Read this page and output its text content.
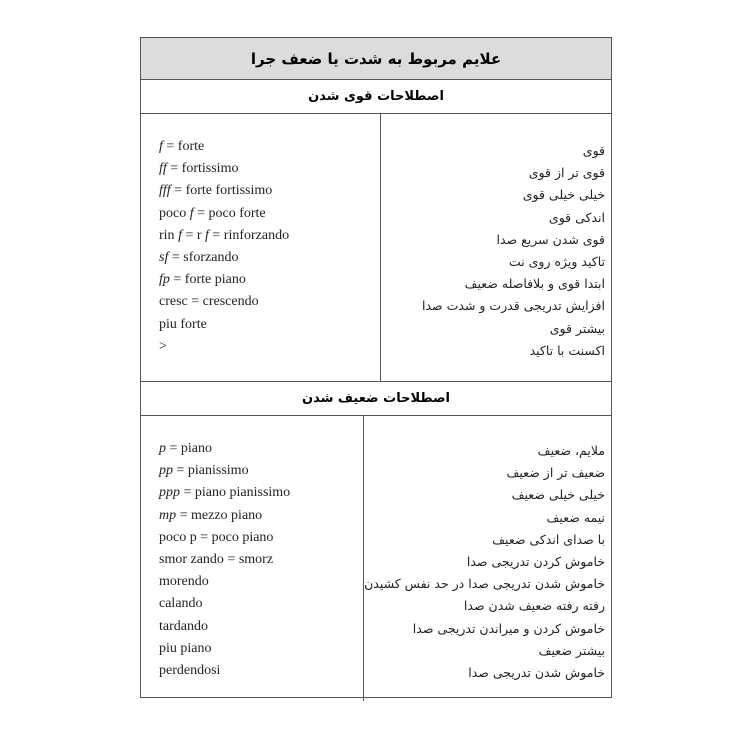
علایم مربوط به شدت یا ضعف جرا
اصطلاحات قوی شدن
f = forte
ff = fortissimo
fff = forte fortissimo
poco f = poco forte
rin f = r f = rinforzando
sf = sforzando
fp = forte piano
cresc = crescendo
piu forte
>
قوی
قوی تر از قوی
خیلی خیلی قوی
اندکی قوی
قوی شدن سریع صدا
تاکید ویژه روی نت
ابتدا قوی و بلافاصله ضعیف
افزایش تدریجی قدرت و شدت صدا
بیشتر قوی
اکسنت با تاکید
اصطلاحات ضعیف شدن
p = piano
pp = pianissimo
ppp = piano pianissimo
mp = mezzo piano
poco p = poco piano
smor zando = smorz
morendo
calando
tardando
piu piano
perdendosi
ملایم، ضعیف
ضعیف تر از ضعیف
خیلی خیلی ضعیف
نیمه ضعیف
با صدای اندکی ضعیف
خاموش کردن تدریجی صدا
خاموش شدن تدریجی صدا در حد نفس کشیدن
رفته رفته ضعیف شدن صدا
خاموش کردن و میراندن تدریجی صدا
بیشتر ضعیف
خاموش شدن تدریجی صدا
